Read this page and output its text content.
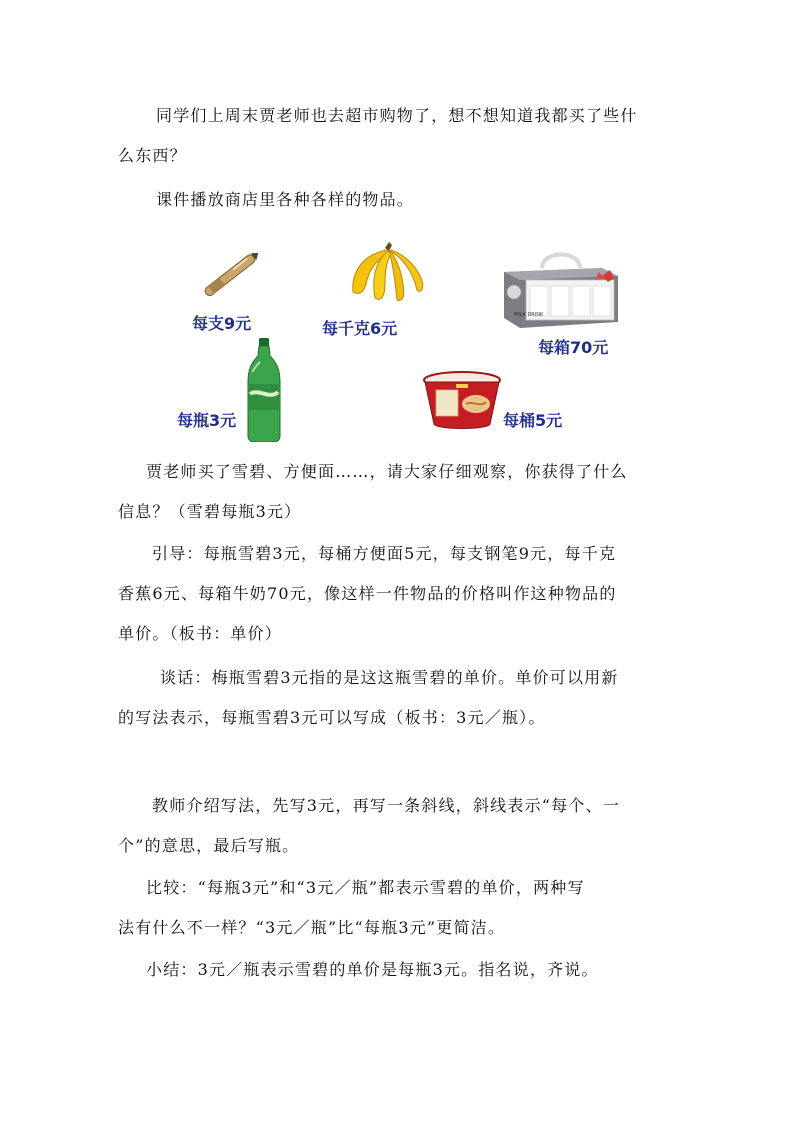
同学们上周末贾老师也去超市购物了，想不想知道我都买了些什
么东西？
课件播放商店里各种各样的物品。
每支9元	每千克6元
MILK DRINK
每箱70元
每瓶3元	每桶5元
贾老师买了雪碧、方便面……，请大家仔细观察，你获得了什么
信息？（雪碧每瓶3元）
引导：每瓶雪碧3元，每桶方便面5元，每支钢笔9元，每千克
香蕉6元、每箱牛奶70元，像这样一件物品的价格叫作这种物品的
单价。（板书：单价）
谈话：梅瓶雪碧3元指的是这这瓶雪碧的单价。单价可以用新
的写法表示，每瓶雪碧3元可以写成（板书：3元／瓶）。
教师介绍写法，先写3元，再写一条斜线，斜线表示“每个、一
个”的意思，最后写瓶。
比较：“每瓶3元”和“3元／瓶”都表示雪碧的单价，两种写
法有什么不一样？“3元／瓶”比“每瓶3元”更简洁。
小结：3元／瓶表示雪碧的单价是每瓶3元。指名说，齐说。
